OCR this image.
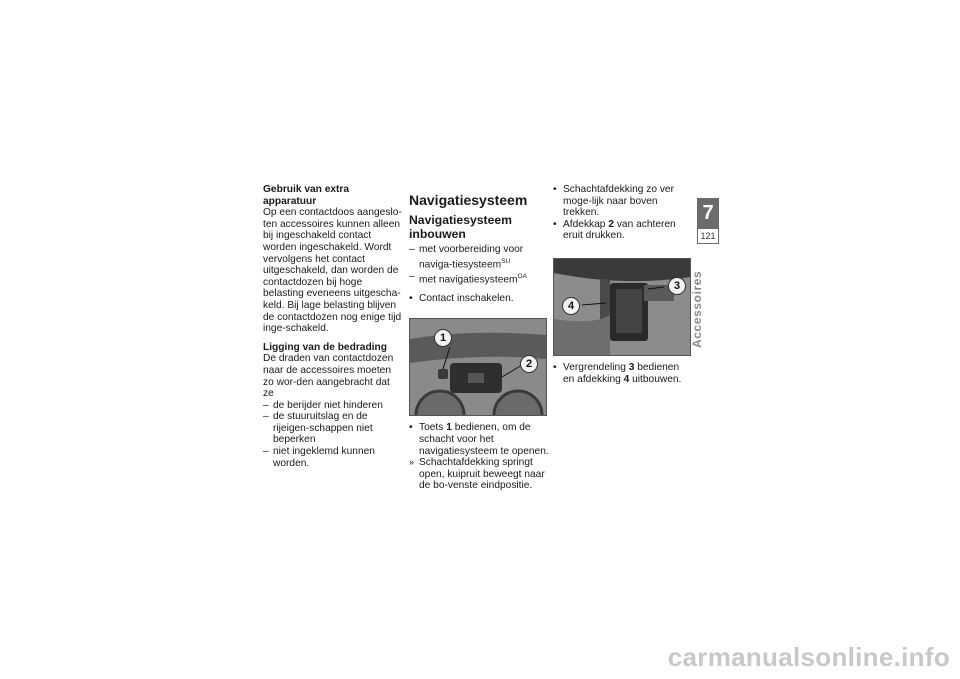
Gebruik van extra apparatuur

Op een contactdoos aangeslo-ten accessoires kunnen alleen bij ingeschakeld contact worden ingeschakeld. Wordt vervolgens het contact uitgeschakeld, dan worden de contactdozen bij hoge belasting eveneens uitgescha-keld. Bij lage belasting blijven de contactdozen nog enige tijd inge-schakeld.

Ligging van de bedrading

De draden van contactdozen naar de accessoires moeten zo wor-den aangebracht dat ze

– de berijder niet hinderen
– de stuuruitslag en de rijeigen-schappen niet beperken
– niet ingeklemd kunnen worden.
Navigatiesysteem
Navigatiesysteem inbouwen
– met voorbereiding voor naviga-tiesysteem$^{SU}$
– met navigatiesysteem$^{OA}$
• Contact inschakelen.
1
2
• Toets 1 bedienen, om de schacht voor het navigatiesysteem te openen.
» Schachtafdekking springt open, kuipruit beweegt naar de bo-venste eindpositie.
• Schachtafdekking zo ver moge-lijk naar boven trekken.
• Afdekkap 2 van achteren eruit drukken.
3
4
• Vergrendeling 3 bedienen en afdekking 4 uitbouwen.
7
121
Accessoires
carmanualsonline.info
